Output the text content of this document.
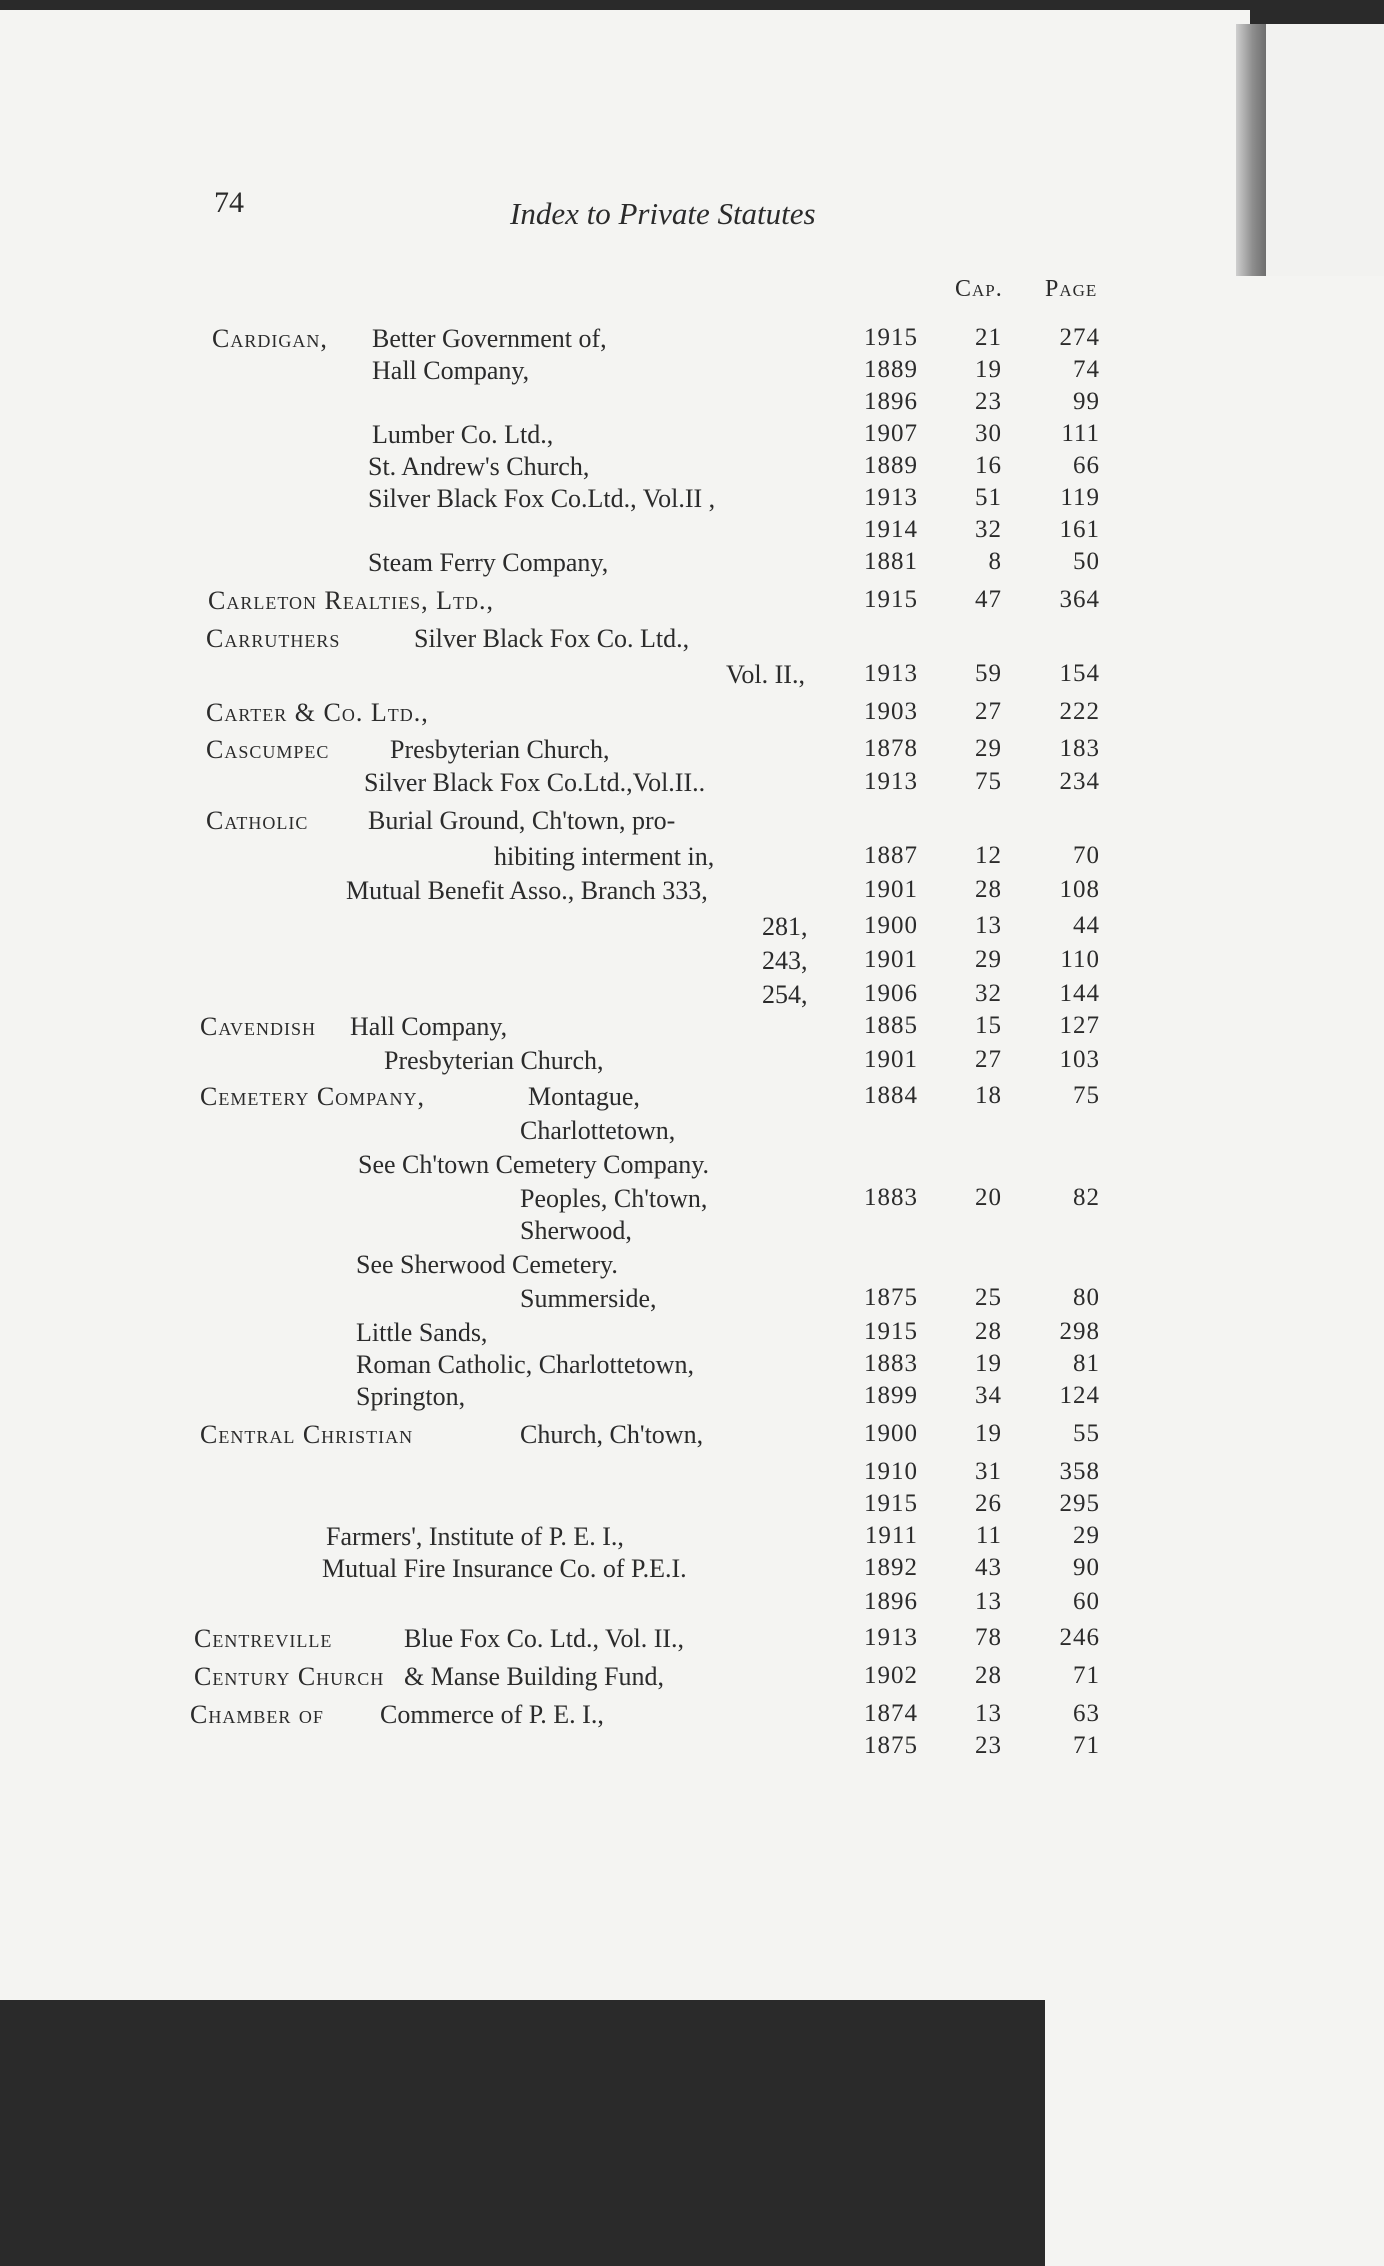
74	Index to Private Statutes
Cap. Page
Cardigan, Better Government of,	1915	21	274
Hall Company,	1889	19	74
1896	23	99
Lumber Co. Ltd.,	1907	30	111
St. Andrew's Church,	1889	16	66
Silver Black Fox Co.Ltd., Vol.II ,	1913	51	119
1914	32	161
Steam Ferry Company,	1881	8	50
Carleton Realties, Ltd.,	1915	47	364
Carruthers	Silver Black Fox Co. Ltd.,
Vol. II.,	1913	59	154
Carter & Co. Ltd.,	1903	27	222
Cascumpec Presbyterian Church,	1878	29	183
Silver Black Fox Co.Ltd.,Vol.II..	1913	75	234
Catholic Burial Ground, Ch'town, pro-
hibiting interment in,	1887	12	70
Mutual Benefit Asso., Branch 333,	1901	28	108
281,	1900	13	44
243,	1901	29	110
254,	1906	32	144
Cavendish Hall Company,	1885	15	127
Presbyterian Church,	1901	27	103
Cemetery Company,	Montague,	1884	18	75
Charlottetown,
See Ch'town Cemetery Company.
Peoples, Ch'town,	1883	20	82
Sherwood,
See Sherwood Cemetery.
Summerside,	1875	25	80
Little Sands,	1915	28	298
Roman Catholic, Charlottetown,	1883	19	81
Springton,	1899	34	124
Central Christian	Church, Ch'town,	1900	19	55
1910	31	358
1915	26	295
Farmers', Institute of P. E. I.,	1911	11	29
Mutual Fire Insurance Co. of P.E.I.	1892	43	90
1896	13	60
Centreville	Blue Fox Co. Ltd., Vol. II.,	1913	78	246
Century Church & Manse Building Fund,	1902	28	71
Chamber of Commerce of P. E. I.,	1874	13	63
1875	23	71
